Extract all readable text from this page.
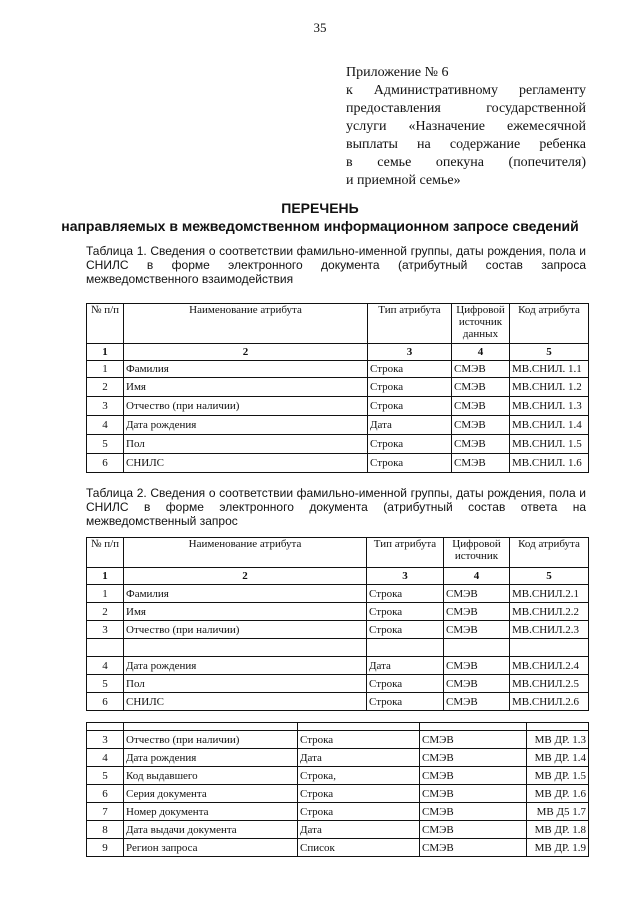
35
Приложение № 6
к Административному регламенту
предоставления государственной
услуги «Назначение ежемесячной
выплаты на содержание ребенка
в семье опекуна (попечителя)
и приемной семье»
ПЕРЕЧЕНЬ
направляемых в межведомственном информационном запросе сведений
Таблица 1. Сведения о соответствии фамильно-именной группы, даты рождения, пола и СНИЛС в форме электронного документа (атрибутный состав запроса межведомственного взаимодействия
№ п/п	Наименование атрибута	Тип атрибута	Цифровой источник данных	Код атрибута
1	2	3	4	5
1	Фамилия	Строка	СМЭВ	МВ.СНИЛ. 1.1
2	Имя	Строка	СМЭВ	МВ.СНИЛ. 1.2
3	Отчество (при наличии)	Строка	СМЭВ	МВ.СНИЛ. 1.3
4	Дата рождения	Дата	СМЭВ	МВ.СНИЛ. 1.4
5	Пол	Строка	СМЭВ	МВ.СНИЛ. 1.5
6	СНИЛС	Строка	СМЭВ	МВ.СНИЛ. 1.6
Таблица 2. Сведения о соответствии фамильно-именной группы, даты рождения, пола и СНИЛС в форме электронного документа (атрибутный состав ответа на межведомственный запрос
№ п/п	Наименование атрибута	Тип атрибута	Цифровой источник	Код атрибута
1	2	3	4	5
1	Фамилия	Строка	СМЭВ	МВ.СНИЛ.2.1
2	Имя	Строка	СМЭВ	МВ.СНИЛ.2.2
3	Отчество (при наличии)	Строка	СМЭВ	МВ.СНИЛ.2.3

4	Дата рождения	Дата	СМЭВ	МВ.СНИЛ.2.4
5	Пол	Строка	СМЭВ	МВ.СНИЛ.2.5
6	СНИЛС	Строка	СМЭВ	МВ.СНИЛ.2.6

3	Отчество (при наличии)	Строка	СМЭВ	МВ ДР. 1.3
4	Дата рождения	Дата	СМЭВ	МВ ДР. 1.4
5	Код выдавшего	Строка,	СМЭВ	МВ ДР. 1.5
6	Серия документа	Строка	СМЭВ	МВ ДР. 1.6
7	Номер документа	Строка	СМЭВ	МВ Д5 1.7
8	Дата выдачи документа	Дата	СМЭВ	МВ ДР. 1.8
9	Регион запроса	Список	СМЭВ	МВ ДР. 1.9
